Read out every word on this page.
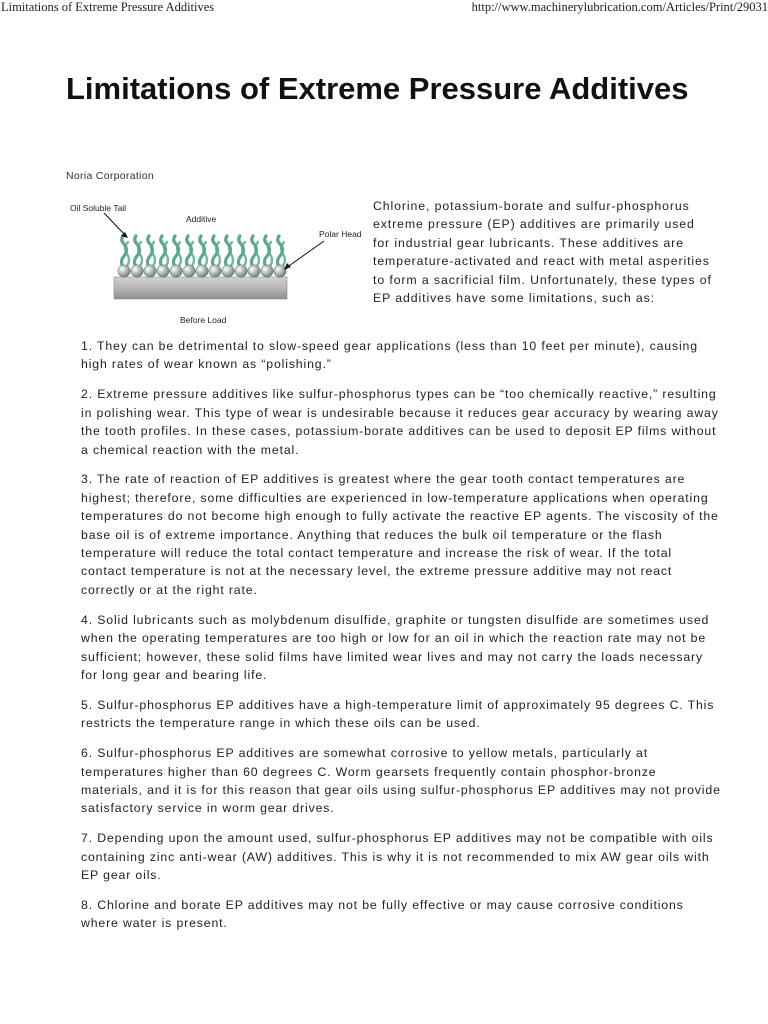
Limitations of Extreme Pressure Additives	http://www.machinerylubrication.com/Articles/Print/29031
Limitations of Extreme Pressure Additives
Noria Corporation
Oil Soluble Tail
Additive
Polar Head
Before Load

Chlorine, potassium-borate and sulfur-phosphorus extreme pressure (EP) additives are primarily used for industrial gear lubricants. These additives are temperature-activated and react with metal asperities to form a sacrificial film. Unfortunately, these types of EP additives have some limitations, such as:

1. They can be detrimental to slow-speed gear applications (less than 10 feet per minute), causing high rates of wear known as “polishing.”
2. Extreme pressure additives like sulfur-phosphorus types can be “too chemically reactive,” resulting in polishing wear. This type of wear is undesirable because it reduces gear accuracy by wearing away the tooth profiles. In these cases, potassium-borate additives can be used to deposit EP films without a chemical reaction with the metal.
3. The rate of reaction of EP additives is greatest where the gear tooth contact temperatures are highest; therefore, some difficulties are experienced in low-temperature applications when operating temperatures do not become high enough to fully activate the reactive EP agents. The viscosity of the base oil is of extreme importance. Anything that reduces the bulk oil temperature or the flash temperature will reduce the total contact temperature and increase the risk of wear. If the total contact temperature is not at the necessary level, the extreme pressure additive may not react correctly or at the right rate.
4. Solid lubricants such as molybdenum disulfide, graphite or tungsten disulfide are sometimes used when the operating temperatures are too high or low for an oil in which the reaction rate may not be sufficient; however, these solid films have limited wear lives and may not carry the loads necessary for long gear and bearing life.
5. Sulfur-phosphorus EP additives have a high-temperature limit of approximately 95 degrees C. This restricts the temperature range in which these oils can be used.
6. Sulfur-phosphorus EP additives are somewhat corrosive to yellow metals, particularly at temperatures higher than 60 degrees C. Worm gearsets frequently contain phosphor-bronze materials, and it is for this reason that gear oils using sulfur-phosphorus EP additives may not provide satisfactory service in worm gear drives.
7. Depending upon the amount used, sulfur-phosphorus EP additives may not be compatible with oils containing zinc anti-wear (AW) additives. This is why it is not recommended to mix AW gear oils with EP gear oils.
8. Chlorine and borate EP additives may not be fully effective or may cause corrosive conditions where water is present.
